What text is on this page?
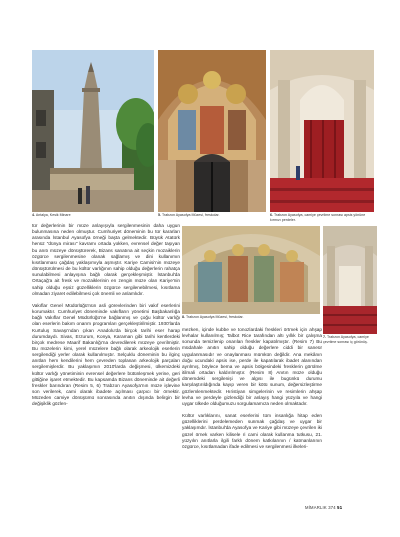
4. Antalya, Kesik Minare	5. Trabzon Ayasofya Müzesi, freskolar.	6. Trabzon Ayasofya, camiye çevrilme sonrası apsis yönüne kırmızı perdeler.
8. Trabzon Ayasofya Müzesi, freskolar.
7. Trabzon Ayasofya, camiye çevrilme sonrası iç görünüş.

tür değerlerinin bir müze anlayışıyla sergilenmesinin daha uygun bulunmasına neden olmuştur. Cumhuriyet döneminin bu tür kararları arasında İstanbul Ayasofya örneği başta gelmektedir. Büyük Atatürk henüz "dünya mirası" kavramı ortada yokken, evrensel değer taşıyan bu anıtı müzeye dönüştürerek, Bizans sanatına ait seçkin mozaiklerin özgürce sergilenmesine olanak sağlamış ve dini kullanımın kısıtlanması çağdaş yaklaşımıyla aşmıştır. Kariye Camisi'nin müzeye dönüştürülmesi de bu kültür varlığının sahip olduğu değerlerin rahatça sunulabilmesi anlayışına bağlı olarak gerçekleşmiştir. İstanbul'da Ortaçağ'a ait fresk ve mozaiklerinin en zengin müze olan Kariye'nin sahip olduğu eşsiz güzelliklerin özgürce sergilenebilmesi, kısıtlama olmadan ziyaret edilebilmesi çok önemli ve anlamlıdır.

Vakıflar Genel Müdürlüğü'nün asli görevlerinden biri vakıf eserlerini korumaktır. Cumhuriyet döneminde vakıfların yönetimi Başbakanlığa bağlı Vakıflar Genel Müdürlüğü'ne bağlanmış ve çoğu kültür varlığı olan eserlerin bakım onarım programları gerçekleştirilmiştir. 1930'larda Kurtuluş Savaşı'ndan çıkan Anadolu'da birçok tarihi eser harap durumdaydı. Sivas, Erzurum, Konya, Karaman gibi tarihi kentlerdeki birçok medrese Maarif Bakanlığı'na devredilerek müzeye çevrilmiştir. Bu müzelerin kimi, yerel müzelere bağlı olarak arkeolojik eserlerin sergilendiği yerler olarak kullanılmıştır. Selçuklu döneminin bu ilginç anıtları hem kendilerini hem çevreden toplanan arkeolojik parçaları sergilemişlerdir. Bu yaklaşımın 2010'larda değişmesi, ülkemizdeki kültür varlığı yönetiminin evrensel değerlere bütünleşmek yerine, geri gittiğine işaret etmektedir. Bu kapsamda Bizans döneminde ait değerli freskler barındıran (Resim 5, 6) Trabzon Ayasofya'nın müze işlevine son verilerek, cami olarak ibadete açılması çarpıcı bir örnektir. Müzeden camiye dönüşümü sonrasında anıtın dışında belirgin bir değişiklik gözlen-

mezken, içinde kubbe ve tonozlardaki freskleri örtmek için ahşap levhalar kullanılmış; Talbot Rice tarafından altı yıllık bir çalışma sonunda temizlenip onarılan freskler kapatılmıştır. (Resim 7) Bu müdahale anıtın sahip olduğu değerlere ciddi bir saneür uygulanmasıdır ve onaylanması mümkün değildir. Ana mekânın doğu ucundaki apsis ise, perde ile kapatılarak ibadet alanından ayrılmış, böylece bema ve apsis bölgesindeki fresklerin görülme itilmali ortadan kaldırılmıştır. (Resim 8) Anıtın müze olduğu dönemdeki sergilenişi ve algısı ile bugünkü durumu karşılaştırıldığında kayıp veren bir kötü sunum, değersizleştirme gözlemlenmektedir. Hıristiyan simgelerinin ve resimlerin ahşap levha ve perdeyle gizlendiği bir anlayış hangi yüzyıla ve hangi uygar ülkede olduğumuzu sorgulamamıza neden olmaktadır.

Kültür varlıklarını, sanat eserlerini tüm insanlığa hitap eden güzelliklerini perdelemeden sunmak çağdaş ve uygar bir yaklaşımdır. İstanbul'da Ayasofya ve Kariye gibi müzeye çevrilen iki güzel örnek varken kilisele ri cami olarak kullanma tutkusu, 21. yüzyılın anıtlarla ilgili farklı dönem katkılarının / katmanlarının özgürce, kısıtlamadan ifade edilmesi ve sergilenmesi ilkeleri-

MİMARLIK 374 51
